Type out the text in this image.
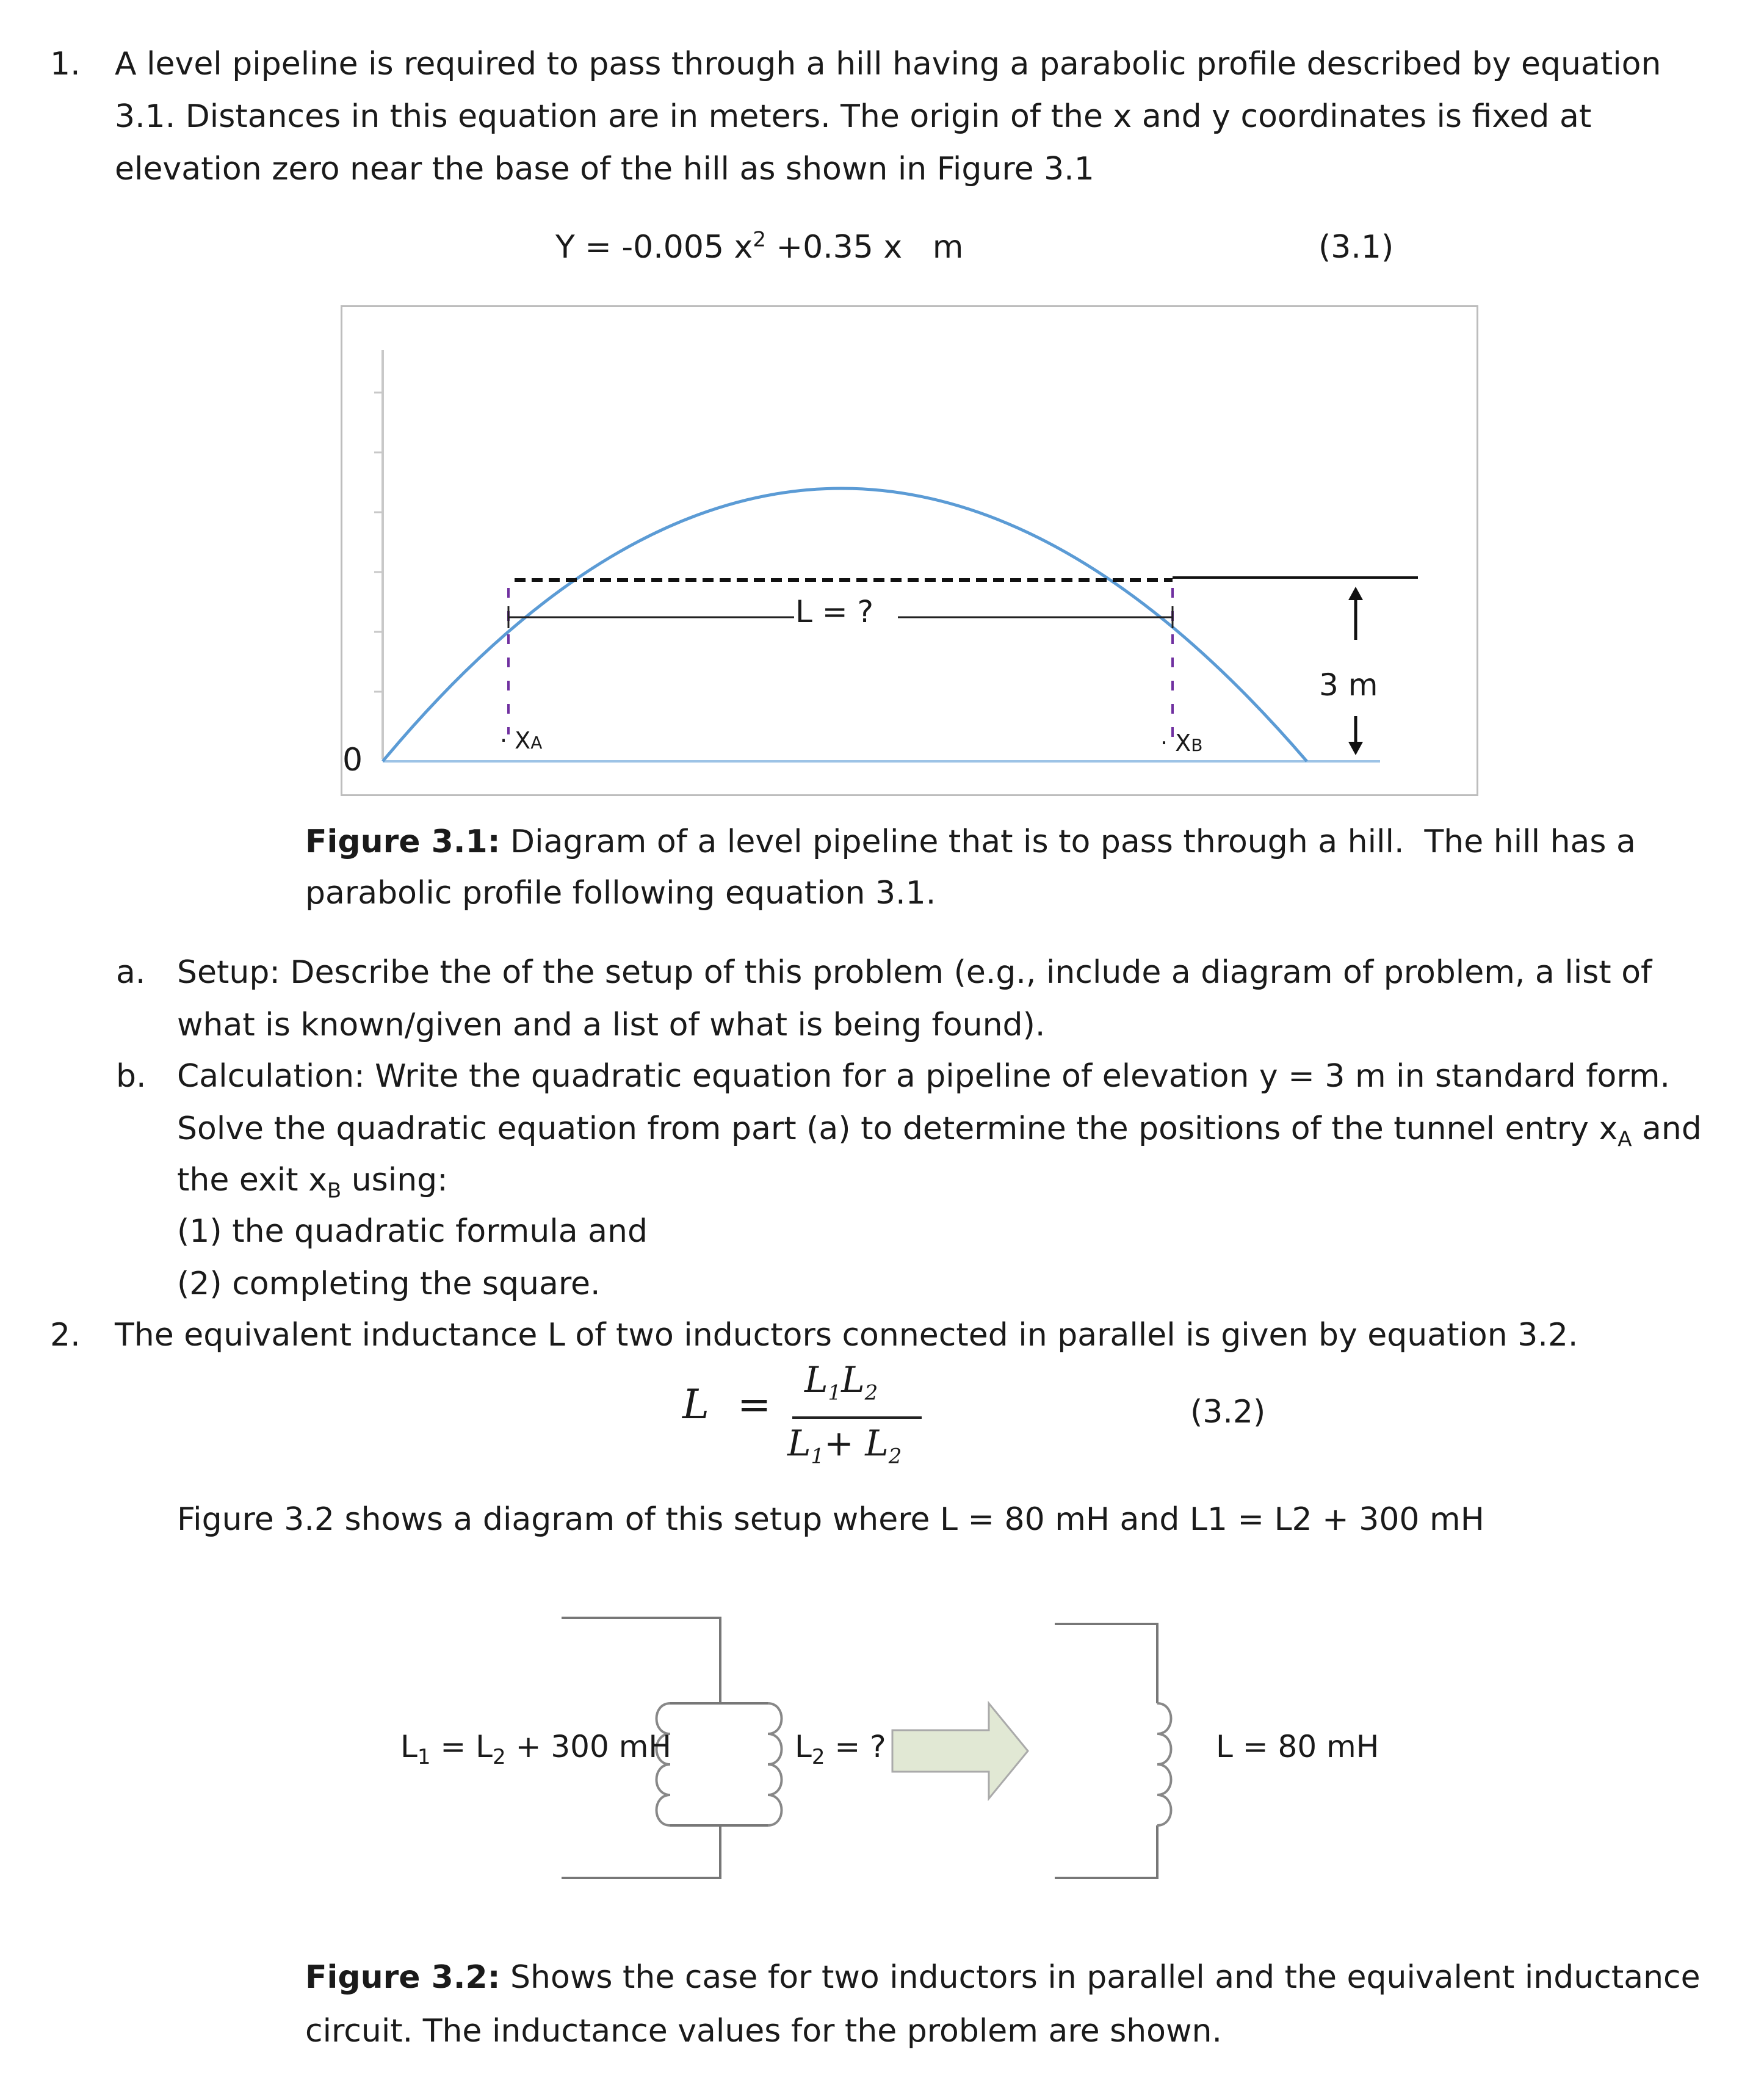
1. A level pipeline is required to pass through a hill having a parabolic profile described by equation

3.1. Distances in this equation are in meters. The origin of the x and y coordinates is fixed at

elevation zero near the base of the hill as shown in Figure 3.1

Y = -0.005 $x^2 +0.35$ x   m	(3.1)
0
L = ?
· XA	· XB
3 m

Figure 3.1: Diagram of a level pipeline that is to pass through a hill.  The hill has a

parabolic profile following equation 3.1.

a. Setup: Describe the of the setup of this problem (e.g., include a diagram of problem, a list of

what is known/given and a list of what is being found).

b. Calculation: Write the quadratic equation for a pipeline of elevation y = 3 m in standard form.

Solve the quadratic equation from part (a) to determine the positions of the tunnel entry $x_A$ and

the exit $x_B$ using:

(1) the quadratic formula and

(2) completing the square.

2. The equivalent inductance L of two inductors connected in parallel is given by equation 3.2.

L =
$L_1L_2$
$L_1+ L_2$
(3.2)

Figure 3.2 shows a diagram of this setup where L = 80 mH and L1 = L2 + 300 mH

$L_1 = L_2 + 300$ mH	$L_2$ = ?	L = 80 mH

Figure 3.2: Shows the case for two inductors in parallel and the equivalent inductance

circuit. The inductance values for the problem are shown.
